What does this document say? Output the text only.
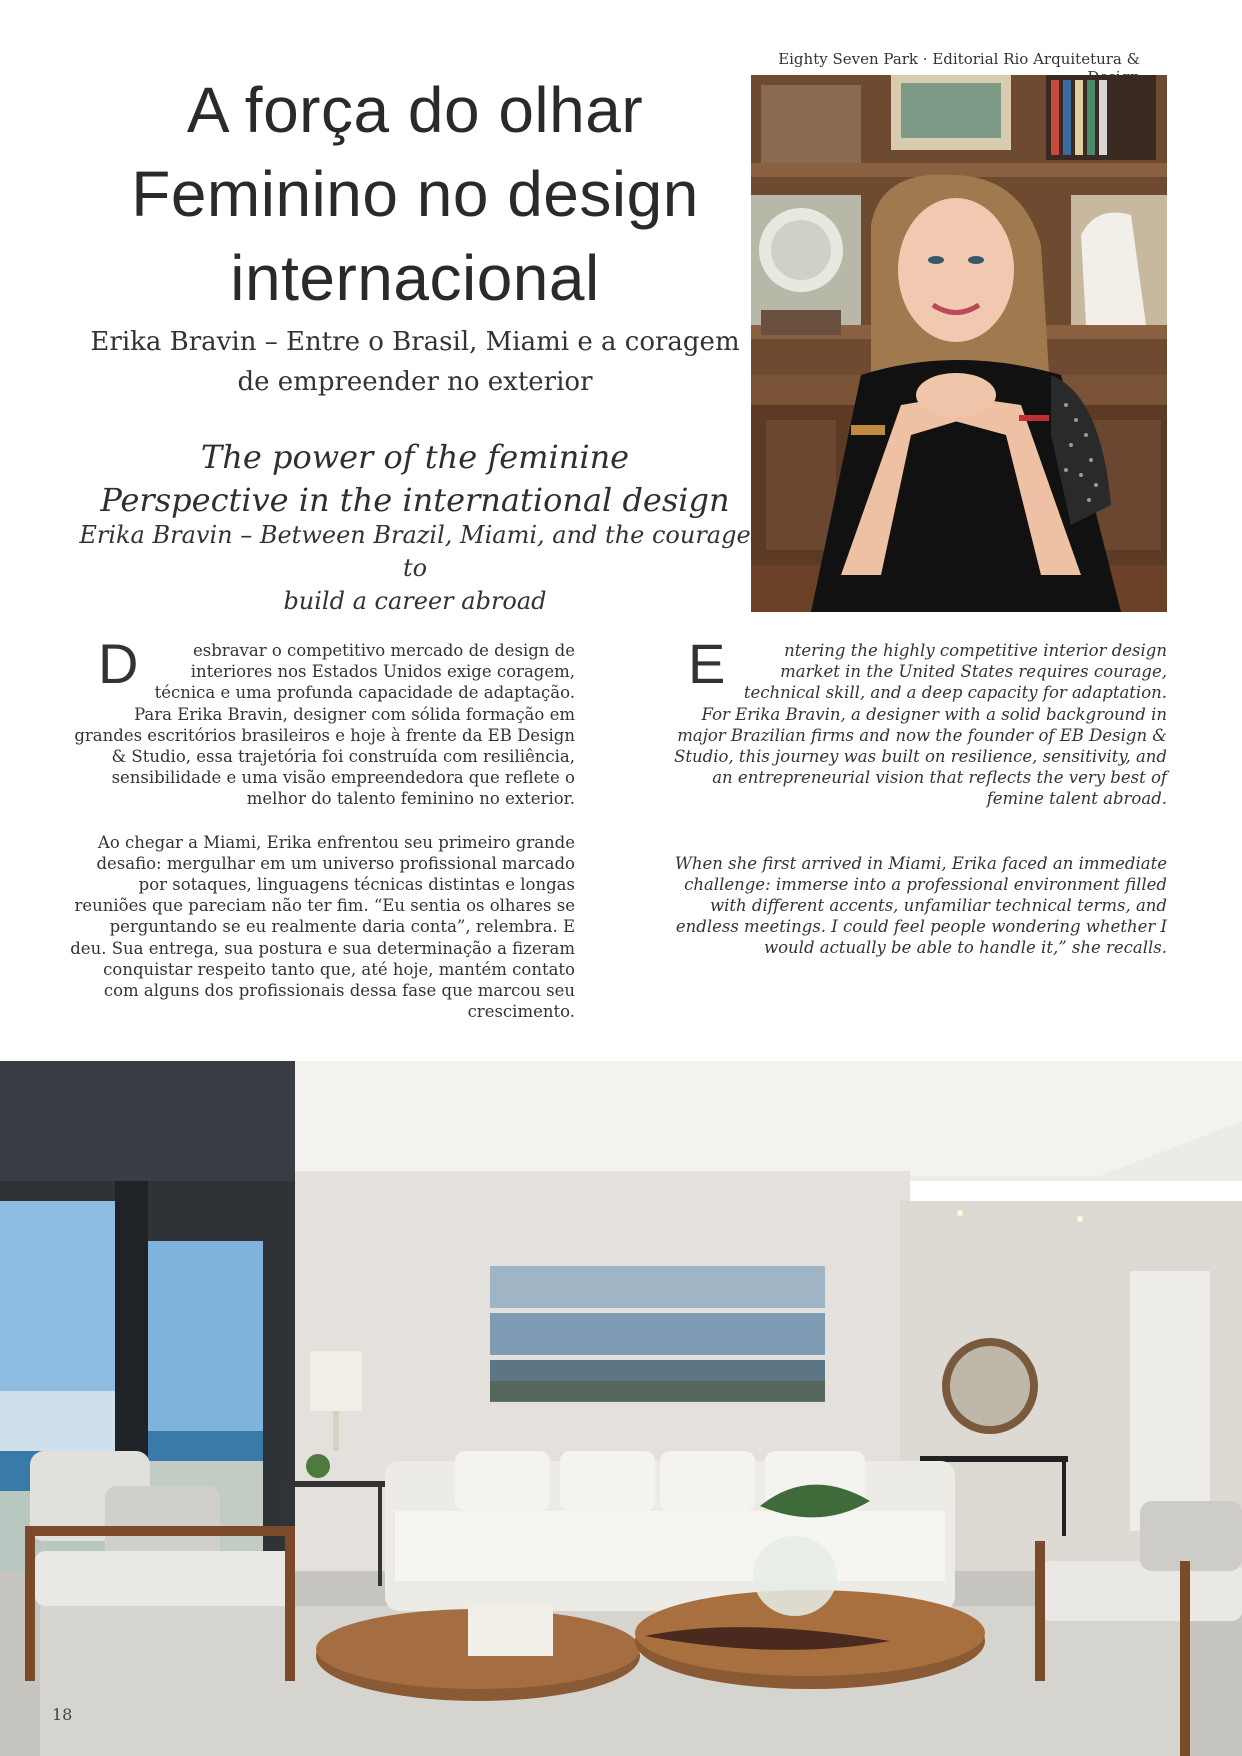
Eighty Seven Park · Editorial Rio Arquitetura &
A força do olhar
Feminino no design
internacional
Erika Bravin – Entre o Brasil, Miami e a coragem
de empreender no exterior
The power of the feminine
Perspective in the international design
Erika Bravin – Between Brazil, Miami, and the courage to
build a career abroad

D	esbravar o competitivo mercado de design de interiores nos Estados Unidos exige coragem, técnica e uma profunda capacidade de adaptação. Para Erika Bravin, designer com sólida formação em grandes escritórios brasileiros e hoje à frente da EB Design & Studio, essa trajetória foi construída com resiliência, sensibilidade e uma visão empreendedora que reflete o melhor do talento feminino no exterior.

Ao chegar a Miami, Erika enfrentou seu primeiro grande desafio: mergulhar em um universo profissional marcado por sotaques, linguagens técnicas distintas e longas reuniões que pareciam não ter fim. “Eu sentia os olhares se perguntando se eu realmente daria conta”, relembra. E deu. Sua entrega, sua postura e sua determinação a fizeram conquistar respeito tanto que, até hoje, mantém contato com alguns dos profissionais dessa fase que marcou seu crescimento.

E	ntering the highly competitive interior design market in the United States requires courage, technical skill, and a deep capacity for adaptation. For Erika Bravin, a designer with a solid background in major Brazilian firms and now the founder of EB Design & Studio, this journey was built on resilience, sensitivity, and an entrepreneurial vision that reflects the very best of femine talent abroad.

When she first arrived in Miami, Erika faced an immediate challenge: immerse into a professional environment filled with different accents, unfamiliar technical terms, and endless meetings. I could feel people wondering whether I would actually be able to handle it,” she recalls.

18
